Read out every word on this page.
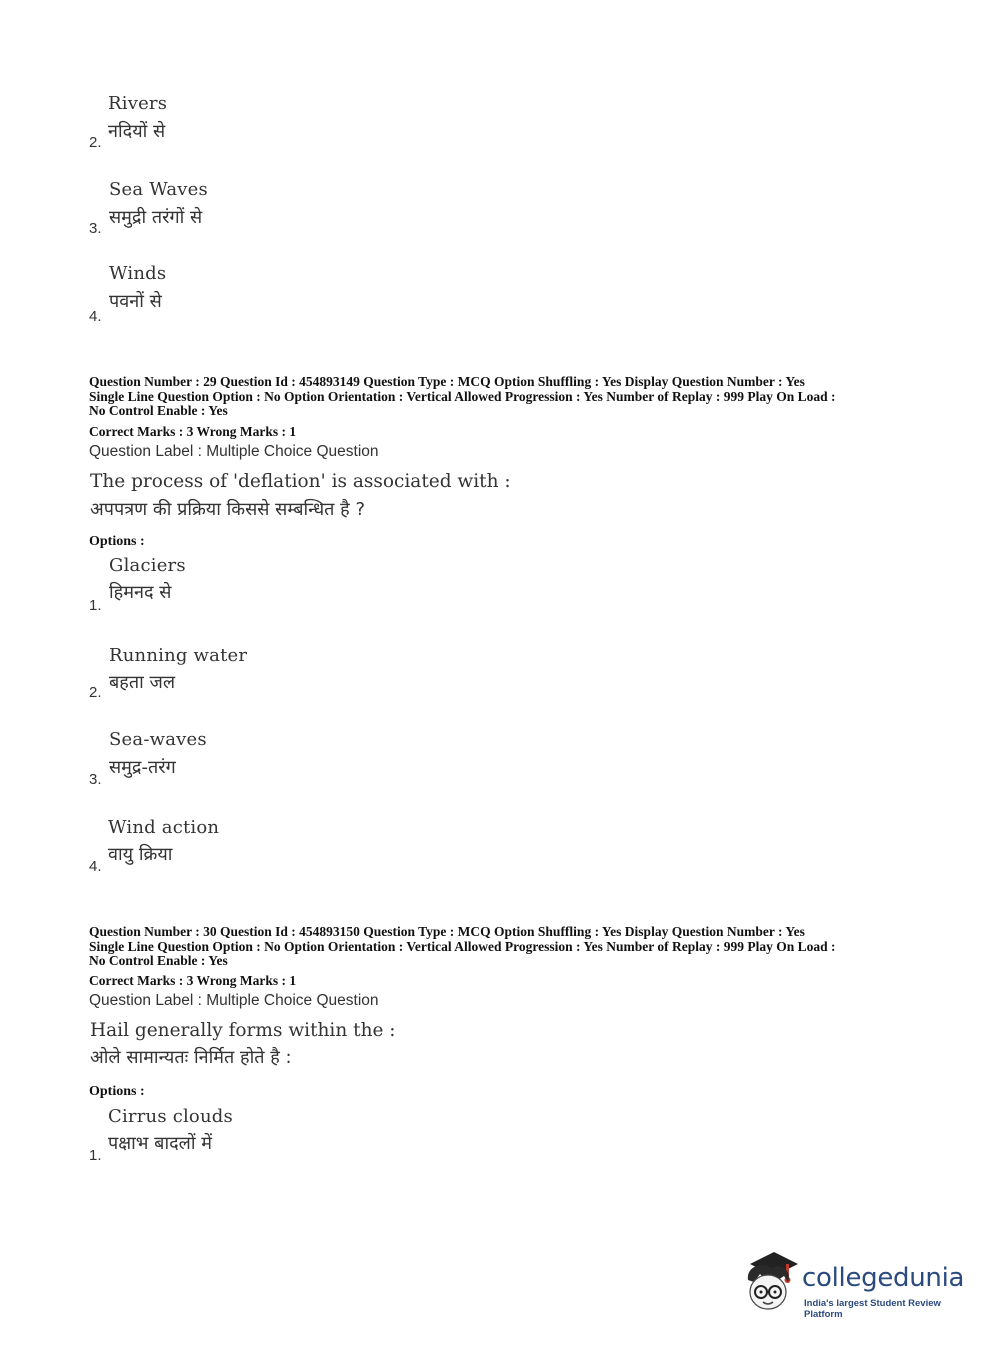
Rivers
नदियों से
2.
Sea Waves
समुद्री तरंगों से
3.
Winds
पवनों से
4.
Question Number : 29 Question Id : 454893149 Question Type : MCQ Option Shuffling : Yes Display Question Number : Yes
Single Line Question Option : No Option Orientation : Vertical Allowed Progression : Yes Number of Replay : 999 Play On Load :
No Control Enable : Yes
Correct Marks : 3 Wrong Marks : 1
Question Label : Multiple Choice Question
The process of 'deflation' is associated with :
अपपत्रण की प्रक्रिया किससे सम्बन्धित है ?
Options :
Glaciers
हिमनद से
1.
Running water
बहता जल
2.
Sea-waves
समुद्र-तरंग
3.
Wind action
वायु क्रिया
4.
Question Number : 30 Question Id : 454893150 Question Type : MCQ Option Shuffling : Yes Display Question Number : Yes
Single Line Question Option : No Option Orientation : Vertical Allowed Progression : Yes Number of Replay : 999 Play On Load :
No Control Enable : Yes
Correct Marks : 3 Wrong Marks : 1
Question Label : Multiple Choice Question
Hail generally forms within the :
ओले सामान्यतः निर्मित होते है :
Options :
Cirrus clouds
पक्षाभ बादलों में
1.
collegedunia
India's largest Student Review Platform
